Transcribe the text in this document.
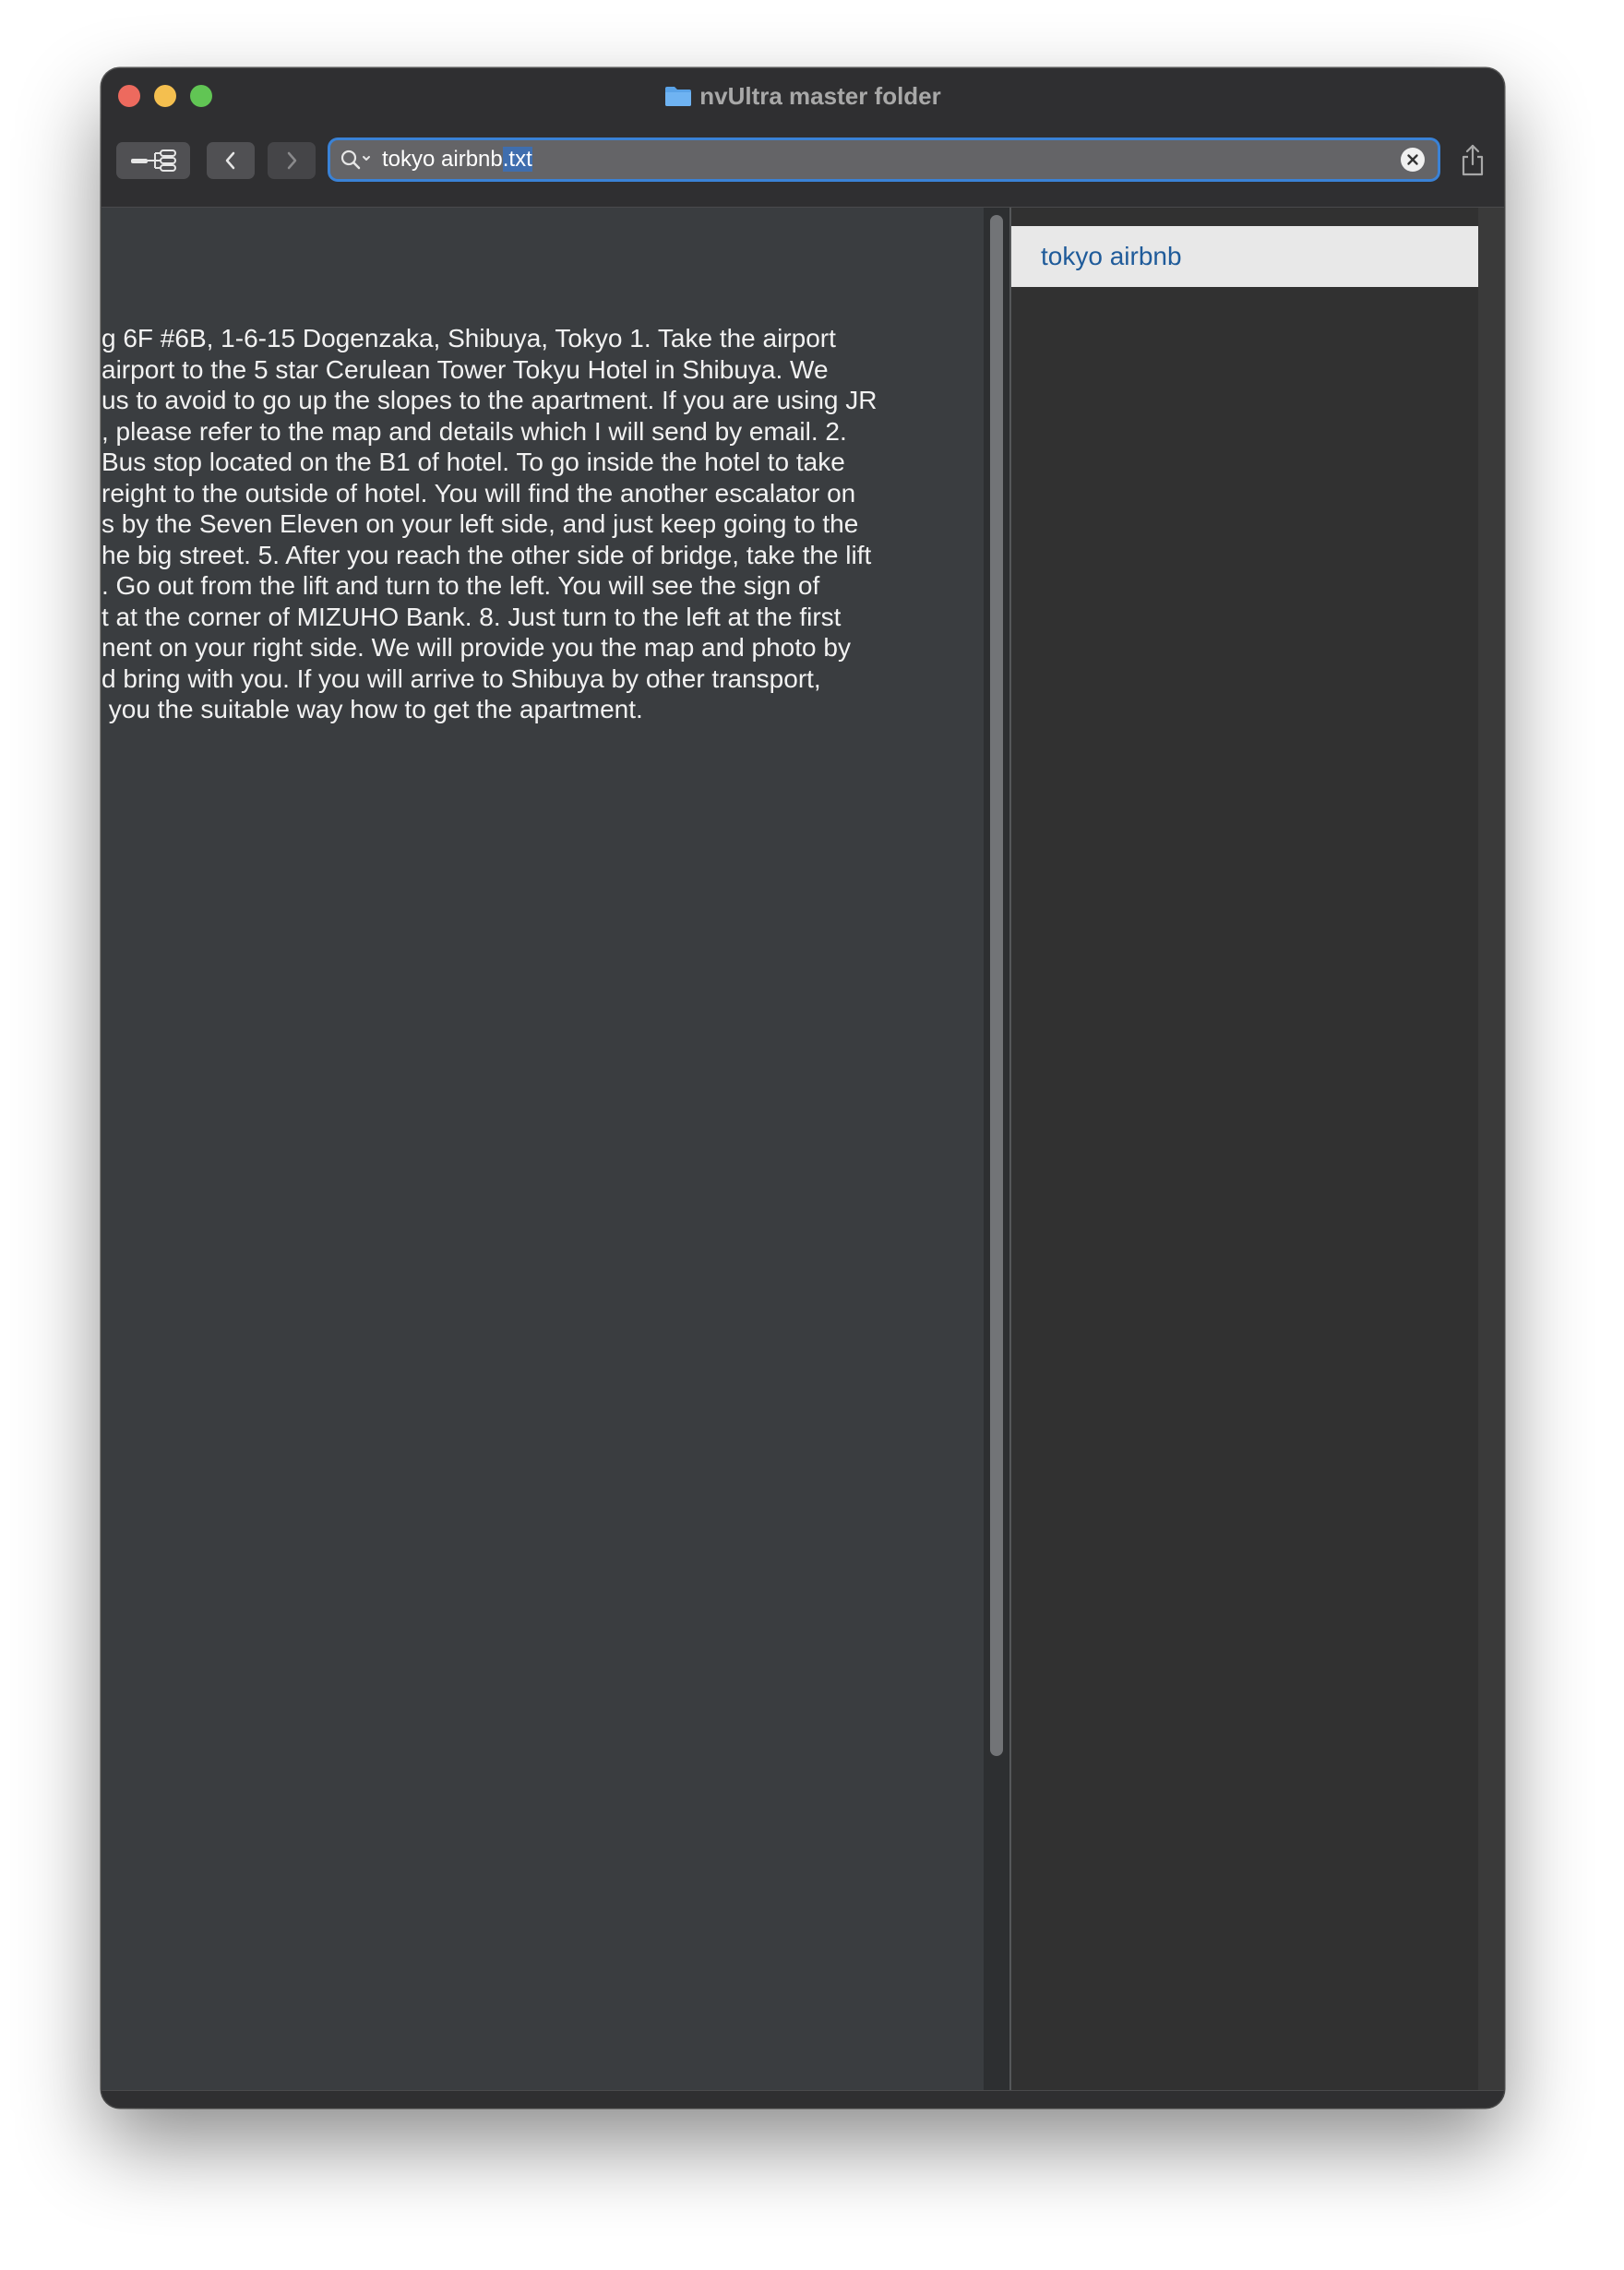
nvUltra master folder
tokyo airbnb.txt
g 6F #6B, 1-6-15 Dogenzaka, Shibuya, Tokyo 1. Take the airport
airport to the 5 star Cerulean Tower Tokyu Hotel in Shibuya. We
us to avoid to go up the slopes to the apartment. If you are using JR
, please refer to the map and details which I will send by email. 2.
Bus stop located on the B1 of hotel. To go inside the hotel to take
reight to the outside of hotel. You will find the another escalator on
s by the Seven Eleven on your left side, and just keep going to the
he big street. 5. After you reach the other side of bridge, take the lift
. Go out from the lift and turn to the left. You will see the sign of
t at the corner of MIZUHO Bank. 8. Just turn to the left at the first
nent on your right side. We will provide you the map and photo by
d bring with you. If you will arrive to Shibuya by other transport,
you the suitable way how to get the apartment.
tokyo airbnb
